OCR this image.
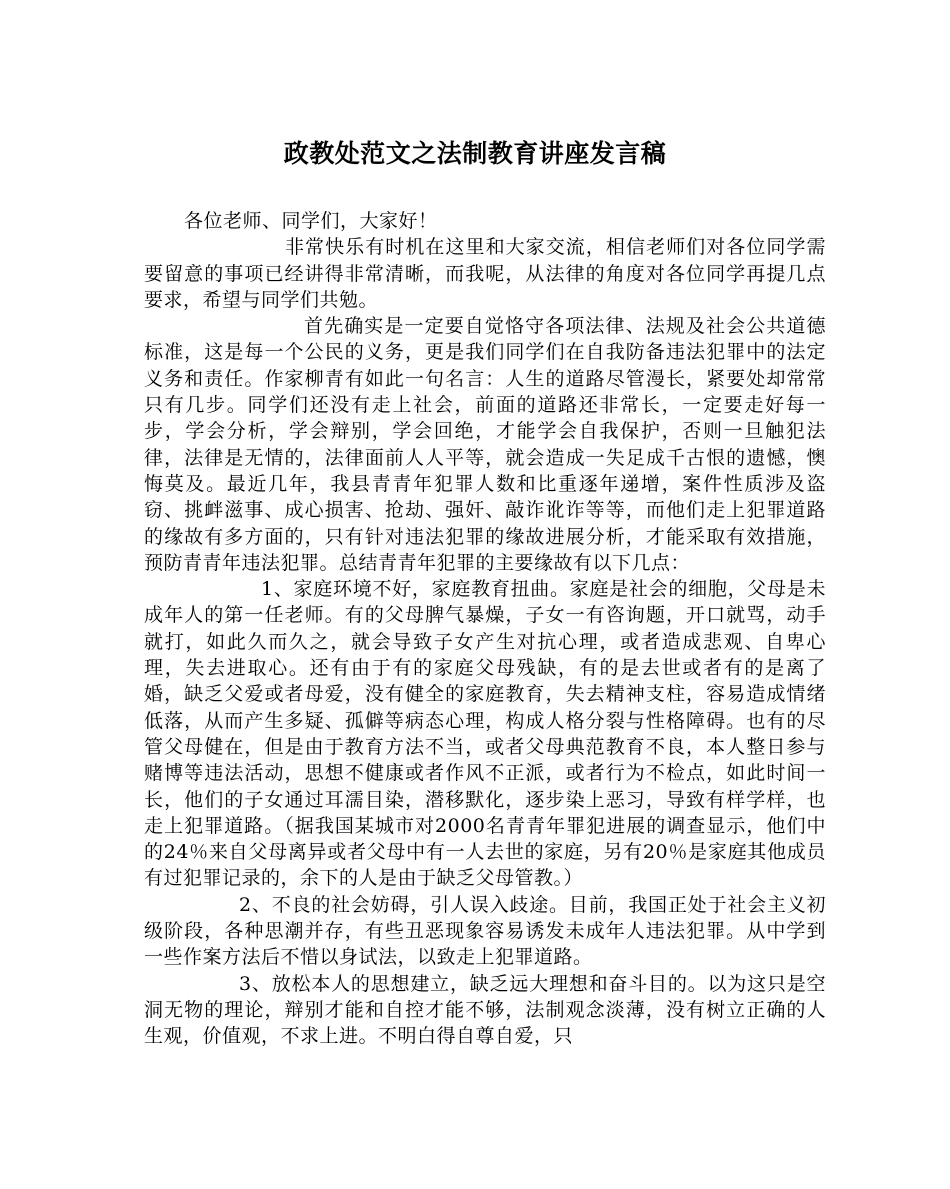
政教处范文之法制教育讲座发言稿

各位老师、同学们，大家好！

非常快乐有时机在这里和大家交流，相信老师们对各位同学需要留意的事项已经讲得非常清晰，而我呢，从法律的角度对各位同学再提几点要求，希望与同学们共勉。

首先确实是一定要自觉恪守各项法律、法规及社会公共道德标准，这是每一个公民的义务，更是我们同学们在自我防备违法犯罪中的法定义务和责任。作家柳青有如此一句名言：人生的道路尽管漫长，紧要处却常常只有几步。同学们还没有走上社会，前面的道路还非常长，一定要走好每一步，学会分析，学会辩别，学会回绝，才能学会自我保护，否则一旦触犯法律，法律是无情的，法律面前人人平等，就会造成一失足成千古恨的遗憾，懊悔莫及。最近几年，我县青青年犯罪人数和比重逐年递增，案件性质涉及盗窃、挑衅滋事、成心损害、抢劫、强奸、敲诈讹诈等等，而他们走上犯罪道路的缘故有多方面的，只有针对违法犯罪的缘故进展分析，才能采取有效措施，预防青青年违法犯罪。总结青青年犯罪的主要缘故有以下几点：

1、家庭环境不好，家庭教育扭曲。家庭是社会的细胞，父母是未成年人的第一任老师。有的父母脾气暴燥，子女一有咨询题，开口就骂，动手就打，如此久而久之，就会导致子女产生对抗心理，或者造成悲观、自卑心理，失去进取心。还有由于有的家庭父母残缺，有的是去世或者有的是离了婚，缺乏父爱或者母爱，没有健全的家庭教育，失去精神支柱，容易造成情绪低落，从而产生多疑、孤僻等病态心理，构成人格分裂与性格障碍。也有的尽管父母健在，但是由于教育方法不当，或者父母典范教育不良，本人整日参与赌博等违法活动，思想不健康或者作风不正派，或者行为不检点，如此时间一长，他们的子女通过耳濡目染，潜移默化，逐步染上恶习，导致有样学样，也走上犯罪道路。（据我国某城市对2000名青青年罪犯进展的调查显示，他们中的24％来自父母离异或者父母中有一人去世的家庭，另有20％是家庭其他成员有过犯罪记录的，余下的人是由于缺乏父母管教。）

2、不良的社会妨碍，引人误入歧途。目前，我国正处于社会主义初级阶段，各种思潮并存，有些丑恶现象容易诱发未成年人违法犯罪。从中学到一些作案方法后不惜以身试法，以致走上犯罪道路。

3、放松本人的思想建立，缺乏远大理想和奋斗目的。以为这只是空洞无物的理论，辩别才能和自控才能不够，法制观念淡薄，没有树立正确的人生观，价值观，不求上进。不明白得自尊自爱，只
